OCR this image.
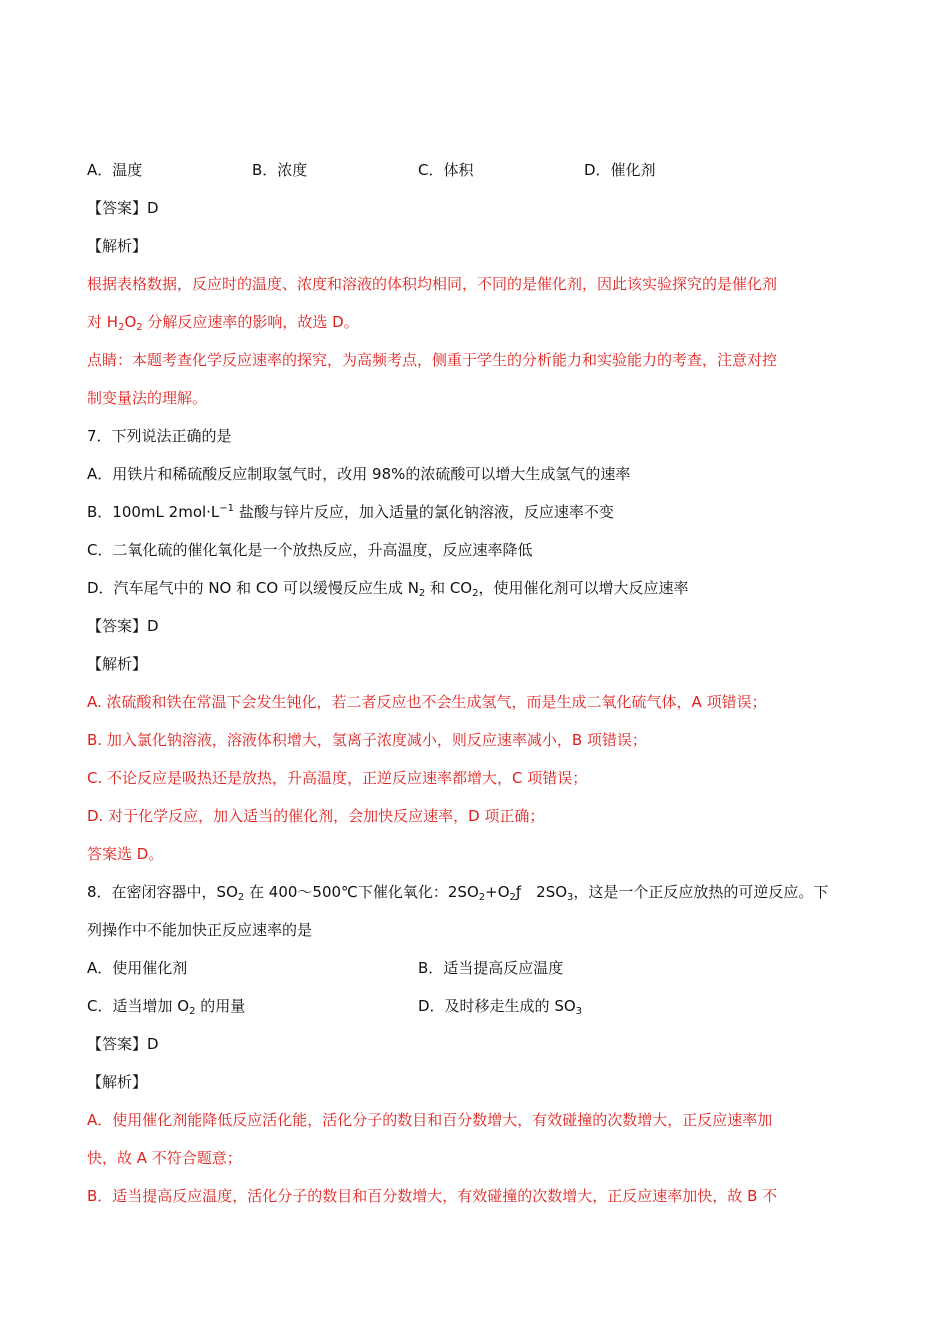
A．温度	B．浓度	C．体积	D．催化剂
【答案】D
【解析】
根据表格数据，反应时的温度、浓度和溶液的体积均相同，不同的是催化剂，因此该实验探究的是催化剂
对 $H_2O_2$ 分解反应速率的影响，故选 D。
点睛：本题考查化学反应速率的探究，为高频考点，侧重于学生的分析能力和实验能力的考查，注意对控
制变量法的理解。
7．下列说法正确的是
A．用铁片和稀硫酸反应制取氢气时，改用 98%的浓硫酸可以增大生成氢气的速率
B．100mL $2mol\cdot L^{-1}$ 盐酸与锌片反应，加入适量的氯化钠溶液，反应速率不变
C．二氧化硫的催化氧化是一个放热反应，升高温度，反应速率降低
D．汽车尾气中的 NO 和 CO 可以缓慢反应生成 $N_2$ 和 $CO_2$，使用催化剂可以增大反应速率
【答案】D
【解析】
A. 浓硫酸和铁在常温下会发生钝化，若二者反应也不会生成氢气，而是生成二氧化硫气体，A 项错误；
B. 加入氯化钠溶液，溶液体积增大，氢离子浓度减小，则反应速率减小，B 项错误；
C. 不论反应是吸热还是放热，升高温度，正逆反应速率都增大，C 项错误；
D. 对于化学反应，加入适当的催化剂，会加快反应速率，D 项正确；
答案选 D。
8．在密闭容器中，$SO_2$ 在 400～500℃下催化氧化：$2SO_2+O_2ƒ$　$2SO_3$，这是一个正反应放热的可逆反应。下
列操作中不能加快正反应速率的是
A．使用催化剂	B．适当提高反应温度
C．适当增加 $O_2$ 的用量	D．及时移走生成的 $SO_3$
【答案】D
【解析】
A．使用催化剂能降低反应活化能，活化分子的数目和百分数增大，有效碰撞的次数增大，正反应速率加
快，故 A 不符合题意；
B．适当提高反应温度，活化分子的数目和百分数增大，有效碰撞的次数增大，正反应速率加快，故 B 不
